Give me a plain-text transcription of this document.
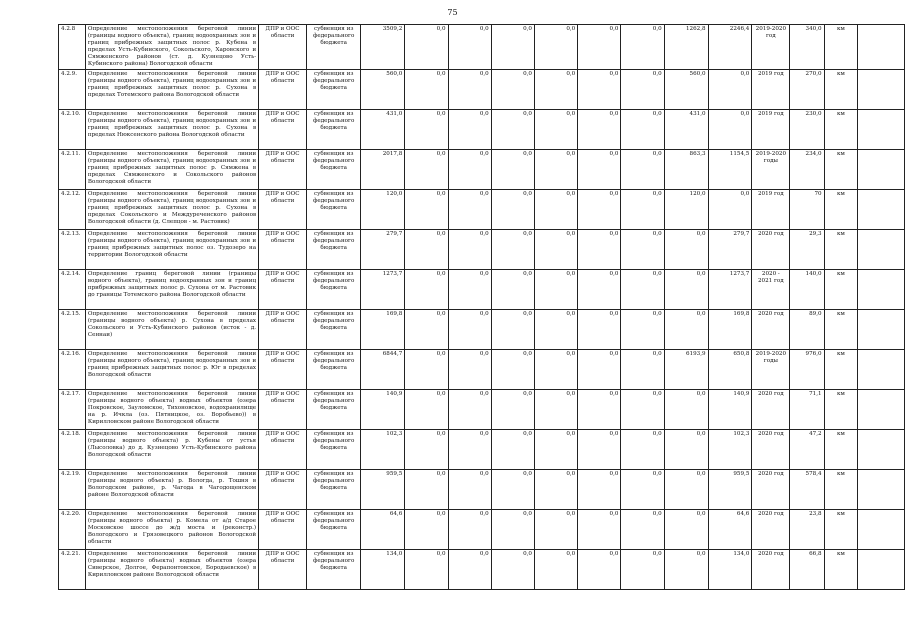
75
4.2.8	Определение местоположения береговой линии (границы водного объекта), границ водоохранных зон и границ прибрежных защитных полос р. Кубена в пределах Усть-Кубинского, Сокольского, Харовского и Сямженского районов (ст. д. Кузнецово Усть-Кубинского района) Вологодской области	ДПР и ООС области	субвенция из федерального бюджета	3509,2	0,0	0,0	0,0	0,0	0,0	0,0	1262,8	2246,4	2019-2020 год	340,0	км	
4.2.9.	Определение местоположения береговой линии (границы водного объекта), границ водоохранных зон и границ прибрежных защитных полос р. Сухона в пределах Тотемского района Вологодской области	ДПР и ООС области	субвенция из федерального бюджета	560,0	0,0	0,0	0,0	0,0	0,0	0,0	560,0	0,0	2019 год	270,0	км	
4.2.10.	Определение местоположения береговой линии (границы водного объекта), границ водоохранных зон и границ прибрежных защитных полос р. Сухона в пределах Нюксенского района Вологодской области	ДПР и ООС области	субвенция из федерального бюджета	431,0	0,0	0,0	0,0	0,0	0,0	0,0	431,0	0,0	2019 год	230,0	км	
4.2.11.	Определение местоположения береговой линии (границы водного объекта), границ водоохранных зон и границ прибрежных защитных полос р. Сямжена в пределах Сямженского и Сокольского районов Вологодской области	ДПР и ООС области	субвенция из федерального бюджета	2017,8	0,0	0,0	0,0	0,0	0,0	0,0	863,3	1154,5	2019-2020 годы	234,0	км	
4.2.12.	Определение местоположения береговой линии (границы водного объекта), границ водоохранных зон и границ прибрежных защитных полос р. Сухона в пределах Сокольского и Междуреченского районов Вологодской области (д. Слепцов - м. Растовик)	ДПР и ООС области	субвенция из федерального бюджета	120,0	0,0	0,0	0,0	0,0	0,0	0,0	120,0	0,0	2019 год	70	км	
4.2.13.	Определение местоположения береговой линии (границы водного объекта), границ водоохранных зон и границ прибрежных защитных полос оз. Тудозеро на территории Вологодской области	ДПР и ООС области	субвенция из федерального бюджета	279,7	0,0	0,0	0,0	0,0	0,0	0,0	0,0	279,7	2020 год	29,3	км	
4.2.14.	Определение границ береговой линии (границы водного объекта), границ водоохранных зон и границ прибрежных защитных полос р. Сухона от м. Растовик до границы Тотемского района Вологодской области	ДПР и ООС области	субвенция из федерального бюджета	1273,7	0,0	0,0	0,0	0,0	0,0	0,0	0,0	1273,7	2020 - 2021 год	140,0	км	
4.2.15.	Определение местоположения береговой линии (границы водного объекта) р. Сухона в пределах Сокольского и Усть-Кубинского районов (исток - д. Сеннаи)	ДПР и ООС области	субвенция из федерального бюджета	169,8	0,0	0,0	0,0	0,0	0,0	0,0	0,0	169,8	2020 год	89,0	км	
4.2.16.	Определение местоположения береговой линии (границы водного объекта), границ водоохранных зон и границ прибрежных защитных полос р. Юг в пределах Вологодской области	ДПР и ООС области	субвенция из федерального бюджета	6844,7	0,0	0,0	0,0	0,0	0,0	0,0	6193,9	650,8	2019-2020 годы	976,0	км	
4.2.17.	Определение местоположения береговой линии (границы водного объекта) водных объектов (озера Покровское, Зауломское, Тихоновское, водохранилище на р. Ичкла (оз. Пятницкое, оз. Воробьево)) в Кирилловском районе Вологодской области	ДПР и ООС области	субвенция из федерального бюджета	140,9	0,0	0,0	0,0	0,0	0,0	0,0	0,0	140,9	2020 год	71,1	км	
4.2.18.	Определение местоположения береговой линии (границы водного объекта) р. Кубены от устья (Лысоловка) до д. Кузнецово Усть-Кубинского района Вологодской области	ДПР и ООС области	субвенция из федерального бюджета	102,3	0,0	0,0	0,0	0,0	0,0	0,0	0,0	102,3	2020 год	47,2	км	
4.2.19.	Определение местоположения береговой линии (границы водного объекта) р. Вологда, р. Тошня в Вологодском районе, р. Чагода в Чагодощенском районе Вологодской области	ДПР и ООС области	субвенция из федерального бюджета	959,5	0,0	0,0	0,0	0,0	0,0	0,0	0,0	959,5	2020 год	578,4	км	
4.2.20.	Определение местоположения береговой линии (границы водного объекта) р. Комела от а/д Старое Московское шоссе до ж/д моста и (реконстр.) Вологодского и Грязовецкого районов Вологодской области	ДПР и ООС области	субвенция из федерального бюджета	64,6	0,0	0,0	0,0	0,0	0,0	0,0	0,0	64,6	2020 год	23,8	км	
4.2.21.	Определение местоположения береговой линии (границы водного объекта) водных объектов (озера Сиверское, Долгое, Ферапонтовское, Бородаевское) в Кирилловском районе Вологодской области	ДПР и ООС области	субвенция из федерального бюджета	134,0	0,0	0,0	0,0	0,0	0,0	0,0	0,0	134,0	2020 год	66,8	км	
